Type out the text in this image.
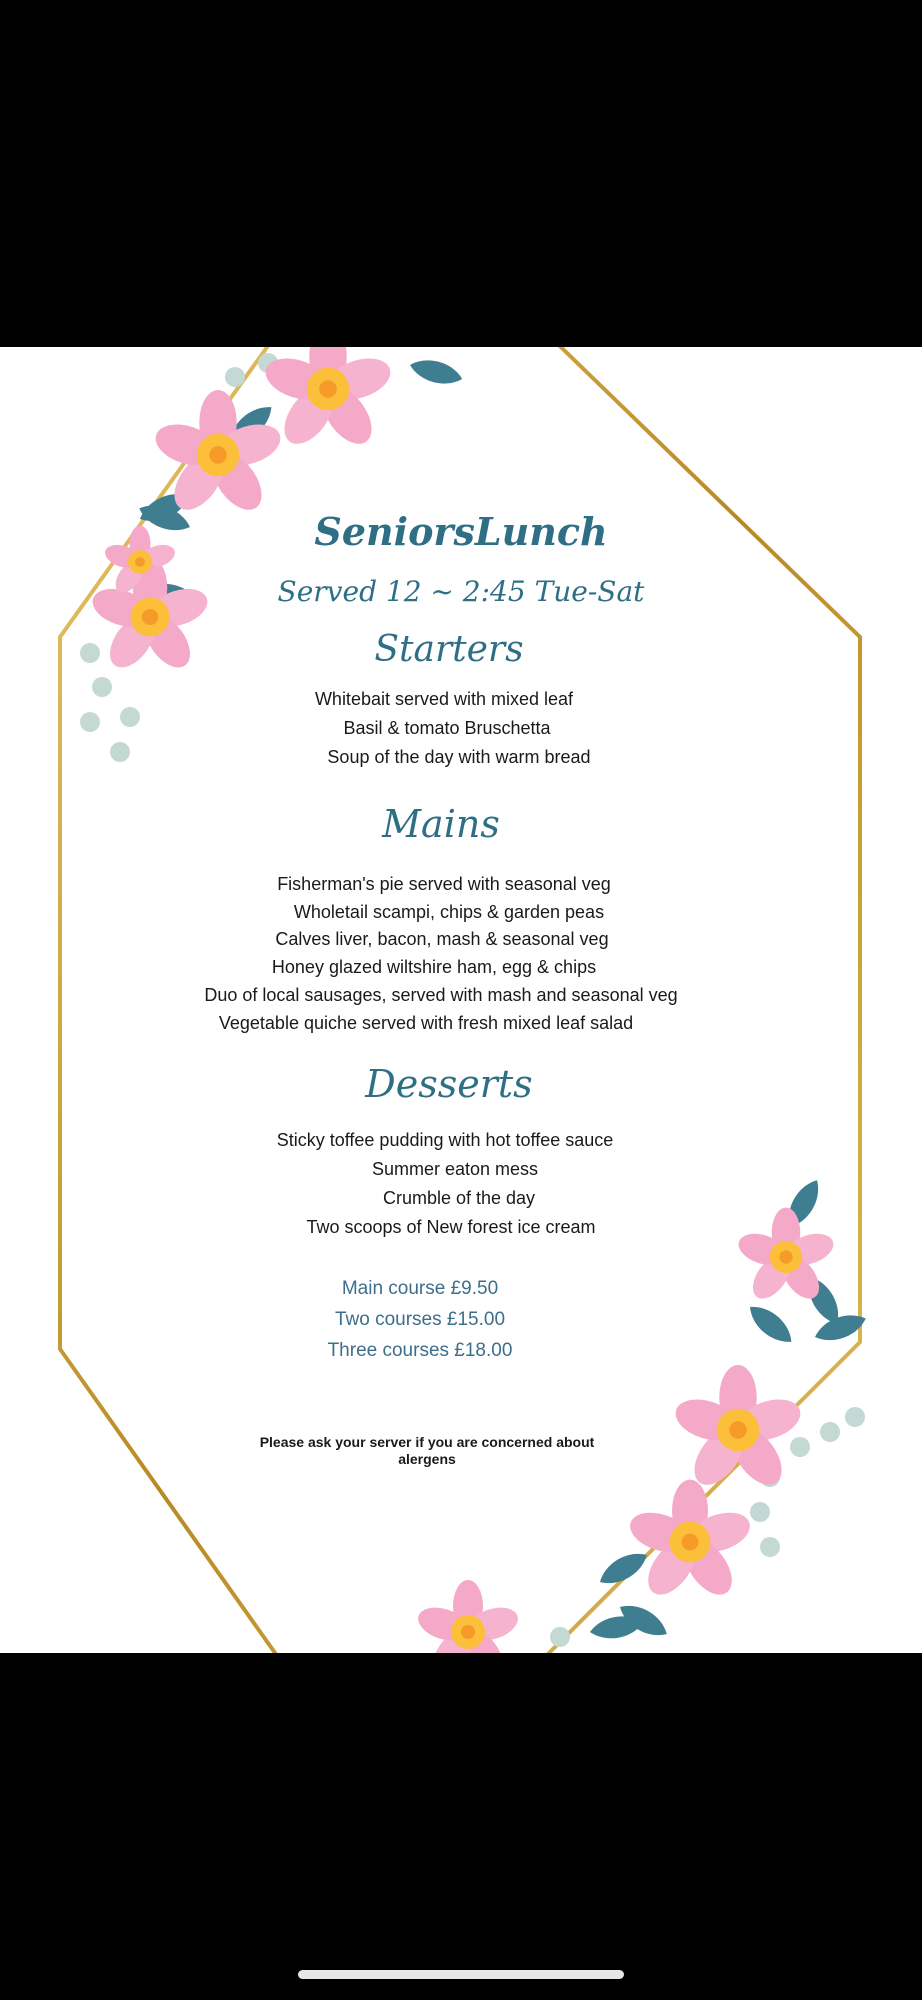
SeniorsLunch
Served 12 ~ 2:45 Tue-Sat
Starters
Whitebait served with mixed leaf
Basil & tomato Bruschetta
Soup of the day with warm bread
Mains
Fisherman's pie served with seasonal veg
Wholetail scampi, chips & garden peas
Calves liver, bacon, mash & seasonal veg
Honey glazed wiltshire ham, egg & chips
Duo of local sausages, served with mash and seasonal veg
Vegetable quiche served with fresh mixed leaf salad
Desserts
Sticky toffee pudding with hot toffee sauce
Summer eaton mess
Crumble of the day
Two scoops of New forest ice cream
Main course £9.50
Two courses £15.00
Three courses £18.00
Please ask your server if you are concerned about
alergens
